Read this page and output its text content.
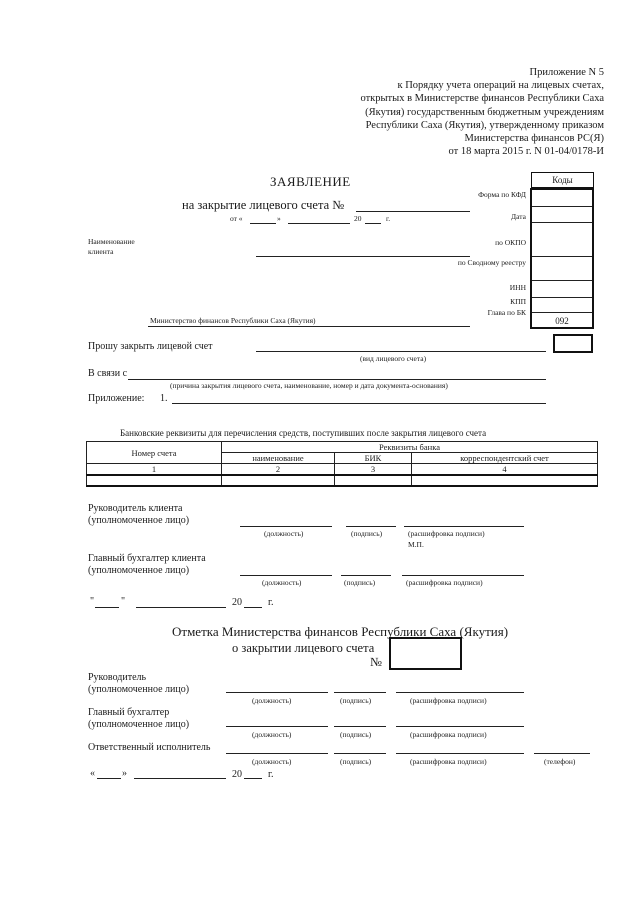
Приложение N 5
к Порядку учета операций на лицевых счетах,
открытых в Министерстве финансов Республики Саха
(Якутия) государственным бюджетным учреждениям
Республики Саха (Якутия), утвержденному приказом
Министерства финансов РС(Я)
от 18 марта 2015 г. N 01-04/0178-И
ЗАЯВЛЕНИЕ
на закрытие лицевого счета №
от «	»	20	г.
Коды
092
Форма по КФД
Дата
по ОКПО
по Сводному реестру
ИНН
КПП
Глава по БК
Наименование
клиента
Министерство финансов Республики Саха (Якутия)
Прошу закрыть лицевой счет
(вид лицевого счета)
В связи с
(причина закрытия лицевого счета, наименование, номер и дата документа-основания)
Приложение: 1.
Банковские реквизиты для перечисления средств, поступивших после закрытия лицевого счета
Номер счета	Реквизиты банка		
	наименование	БИК	корреспондентский счет
1	2	3	4

Руководитель клиента
(уполномоченное лицо)
(должность)	(подпись)	(расшифровка подписи)
М.П.
Главный бухгалтер клиента
(уполномоченное лицо)
(должность)	(подпись)	(расшифровка подписи)
"	"	20	г.
Отметка Министерства финансов Республики Саха (Якутия)
о закрытии лицевого счета
№
Руководитель
(уполномоченное лицо)
(должность)	(подпись)	(расшифровка подписи)
Главный бухгалтер
(уполномоченное лицо)
(должность)	(подпись)	(расшифровка подписи)
Ответственный исполнитель
(должность)	(подпись)	(расшифровка подписи)	(телефон)
«	»	20	г.
